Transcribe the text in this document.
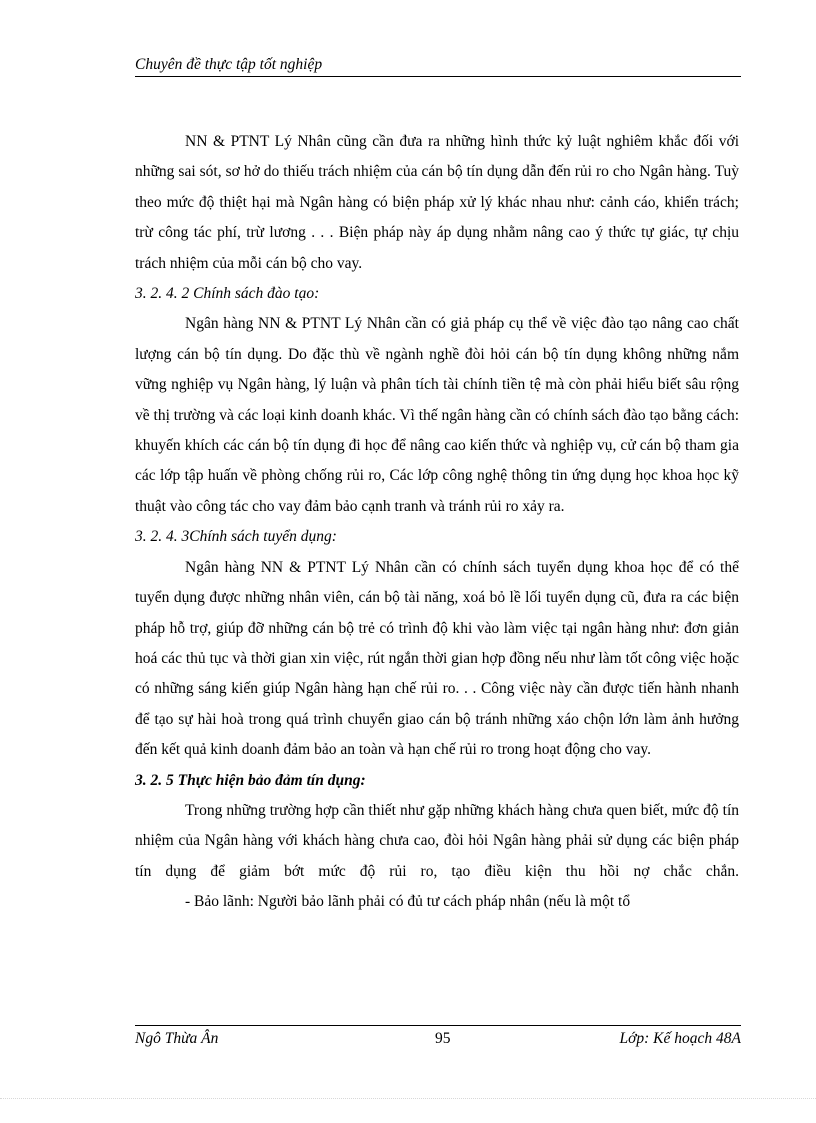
Chuyên đề thực tập tốt nghiệp

NN & PTNT Lý Nhân cũng cần đưa ra những hình thức kỷ luật nghiêm khắc đối với những sai sót, sơ hở do thiếu trách nhiệm của cán bộ tín dụng dẫn đến rủi ro cho Ngân hàng. Tuỳ theo mức độ thiệt hại mà Ngân hàng có biện pháp xử lý khác nhau như: cảnh cáo, khiển trách; trừ công tác phí, trừ lương . . . Biện pháp này áp dụng nhằm nâng cao ý thức tự giác, tự chịu trách nhiệm của mỗi cán bộ cho vay.

3. 2. 4. 2 Chính sách đào tạo:

Ngân hàng NN & PTNT Lý Nhân cần có giả pháp cụ thể về việc đào tạo nâng cao chất lượng cán bộ tín dụng. Do đặc thù về ngành nghề đòi hỏi cán bộ tín dụng không những nắm vững nghiệp vụ Ngân hàng, lý luận và phân tích tài chính tiền tệ mà còn phải hiểu biết sâu rộng về thị trường và các loại kinh doanh khác. Vì thế ngân hàng cần có chính sách đào tạo bằng cách: khuyến khích các cán bộ tín dụng đi học để nâng cao kiến thức và nghiệp vụ, cử cán bộ tham gia các lớp tập huấn về phòng chống rủi ro, Các lớp công nghệ thông tin ứng dụng học khoa học kỹ thuật vào công tác cho vay đảm bảo cạnh tranh và tránh rủi ro xảy ra.

3. 2. 4. 3Chính sách tuyển dụng:

Ngân hàng NN & PTNT Lý Nhân cần có chính sách tuyển dụng khoa học để có thể tuyển dụng được những nhân viên, cán bộ tài năng, xoá bỏ lề lối tuyển dụng cũ, đưa ra các biện pháp hỗ trợ, giúp đỡ những cán bộ trẻ có trình độ khi vào làm việc tại ngân hàng như: đơn giản hoá các thủ tục và thời gian xin việc, rút ngắn thời gian hợp đồng nếu như làm tốt công việc hoặc có những sáng kiến giúp Ngân hàng hạn chế rủi ro. . . Công việc này cần được tiến hành nhanh để tạo sự hài hoà trong quá trình chuyển giao cán bộ tránh những xáo chộn lớn làm ảnh hưởng đến kết quả kinh doanh đảm bảo an toàn và hạn chế rủi ro trong hoạt động cho vay.

3. 2. 5 Thực hiện bảo đảm tín dụng:

Trong những trường hợp cần thiết như gặp những khách hàng chưa quen biết, mức độ tín nhiệm của Ngân hàng với khách hàng chưa cao, đòi hỏi Ngân hàng phải sử dụng các biện pháp tín dụng để giảm bớt mức độ rủi ro, tạo điều kiện thu hồi nợ chắc chắn.

- Bảo lãnh: Người bảo lãnh phải có đủ tư cách pháp nhân (nếu là một tổ

Ngô Thừa Ân	95	Lớp: Kế hoạch 48A
